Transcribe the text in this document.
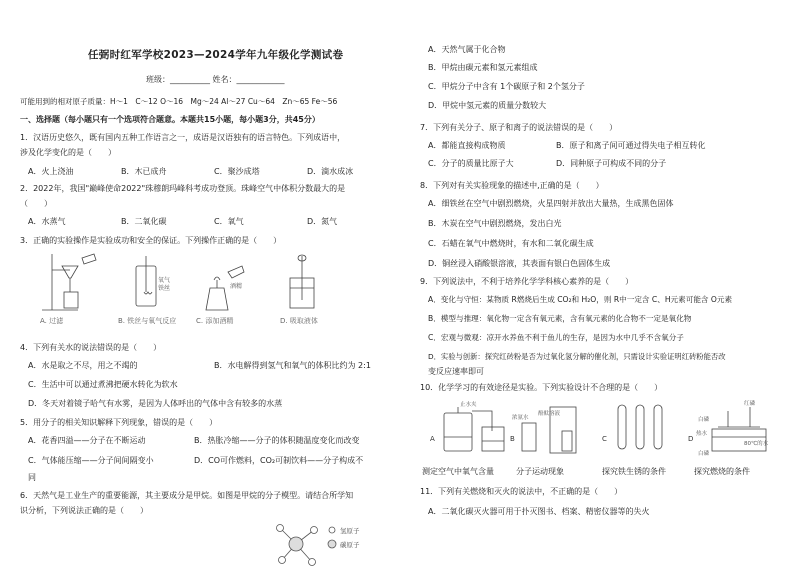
任弼时红军学校2023—2024学年九年级化学测试卷
班级：__________ 姓名：____________
可能用到的相对原子质量：H～1　C～12 O～16　Mg～24 Al～27 Cu～64　Zn～65 Fe～56
一、选择题（每小题只有一个选项符合题意。本题共15小题，每小题3分，共45分）
1．汉语历史悠久，既有国内五种工作语言之一，成语是汉语独有的语言特色。下列成语中，
涉及化学变化的是（　　）
A．火上浇油	B．木已成舟	C．聚沙成塔	D．滴水成冰
2．2022年，我国"巅峰使命2022"珠穆朗玛峰科考成功登顶。珠峰空气中体积分数最大的是
（　　）
A．水蒸气	B．二氧化碳	C．氧气	D．氮气
3．正确的实验操作是实验成功和安全的保证。下列操作正确的是（　　）
氧气
铁丝	酒精
A. 过滤	B. 铁丝与氧气反应	C. 添加酒精	D. 吸取液体
4．下列有关水的说法错误的是（　　）
A．水是取之不尽，用之不竭的	B．水电解得到氢气和氧气的体积比约为 2:1
C．生活中可以通过煮沸把硬水转化为软水
D．冬天对着镜子哈气有水雾，是因为人体呼出的气体中含有较多的水蒸
5．用分子的相关知识解释下列现象，错误的是（　　）
A．花香四溢——分子在不断运动	B．热胀冷缩——分子的体积随温度变化而改变
C．气体能压缩——分子间间隔变小	D．CO可作燃料，CO₂可制饮料——分子构成不
同
6．天然气是工业生产的重要能源，其主要成分是甲烷。如图是甲烷的分子模型。请结合所学知
识分析，下列说法正确的是（　　）
氢原子
碳原子
A．天然气属于化合物
B．甲烷由碳元素和氢元素组成
C．甲烷分子中含有 1个碳原子和 2个氢分子
D．甲烷中氢元素的质量分数较大
7．下列有关分子、原子和离子的说法错误的是（　　）
A．都能直接构成物质	B．原子和离子间可通过得失电子相互转化
C．分子的质量比原子大	D．同种原子可构成不同的分子
8．下列对有关实验现象的描述中,正确的是（　　）
A．细铁丝在空气中剧烈燃烧，火星四射并放出大量热，生成黑色固体
B．木炭在空气中剧烈燃烧，发出白光
C．石蜡在氧气中燃烧时，有水和二氧化碳生成
D．铜丝浸入硝酸银溶液，其表面有银白色固体生成
9．下列说法中，不利于培养化学学科核心素养的是（　　）
A．变化与守恒：某物质 R燃烧后生成 CO₂和 H₂O，则 R中一定含 C、H元素可能含 O元素
B．模型与推理：氧化物一定含有氧元素，含有氧元素的化合物不一定是氧化物
C．宏观与微观：凉开水养鱼不利于鱼儿的生存，是因为水中几乎不含氧分子
D．实验与创新：探究红砖粉是否为过氧化氢分解的催化剂，只需设计实验证明红砖粉能否改
变反应速率即可
10．化学学习的有效途径是实验。下列实验设计不合理的是（　　）
止水夹
酚酞溶液
浓氨水
A	B	C	D
红磷
白磷
热水
白磷
80℃的水
测定空气中氧气含量	分子运动现象	探究铁生锈的条件	探究燃烧的条件
11．下列有关燃烧和灭火的说法中，不正确的是（　　）
A．二氧化碳灭火器可用于扑灭图书、档案、精密仪器等的失火
